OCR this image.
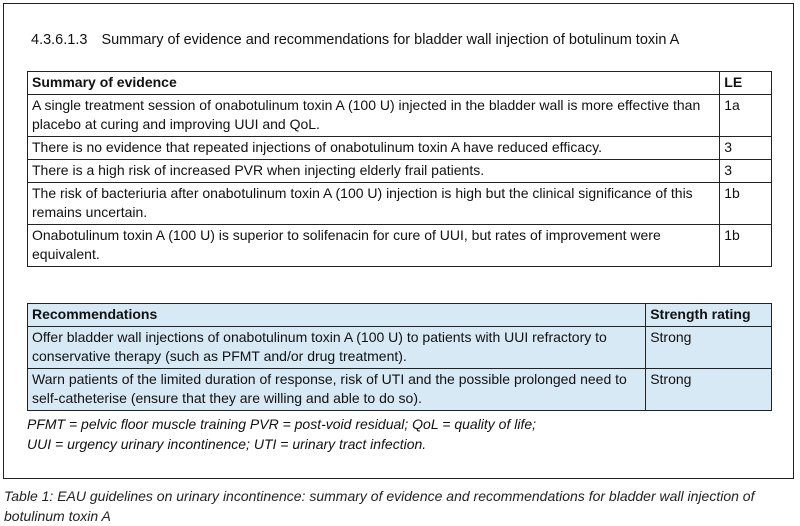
4.3.6.1.3 Summary of evidence and recommendations for bladder wall injection of botulinum toxin A
Summary of evidence	LE
A single treatment session of onabotulinum toxin A (100 U) injected in the bladder wall is more effective than placebo at curing and improving UUI and QoL.	1a
There is no evidence that repeated injections of onabotulinum toxin A have reduced efficacy.	3
There is a high risk of increased PVR when injecting elderly frail patients.	3
The risk of bacteriuria after onabotulinum toxin A (100 U) injection is high but the clinical significance of this remains uncertain.	1b
Onabotulinum toxin A (100 U) is superior to solifenacin for cure of UUI, but rates of improvement were equivalent.	1b
Recommendations	Strength rating
Offer bladder wall injections of onabotulinum toxin A (100 U) to patients with UUI refractory to conservative therapy (such as PFMT and/or drug treatment).	Strong
Warn patients of the limited duration of response, risk of UTI and the possible prolonged need to self-catheterise (ensure that they are willing and able to do so).	Strong
PFMT = pelvic floor muscle training PVR = post-void residual; QoL = quality of life;
UUI = urgency urinary incontinence; UTI = urinary tract infection.
Table 1: EAU guidelines on urinary incontinence: summary of evidence and recommendations for bladder wall injection of botulinum toxin A
